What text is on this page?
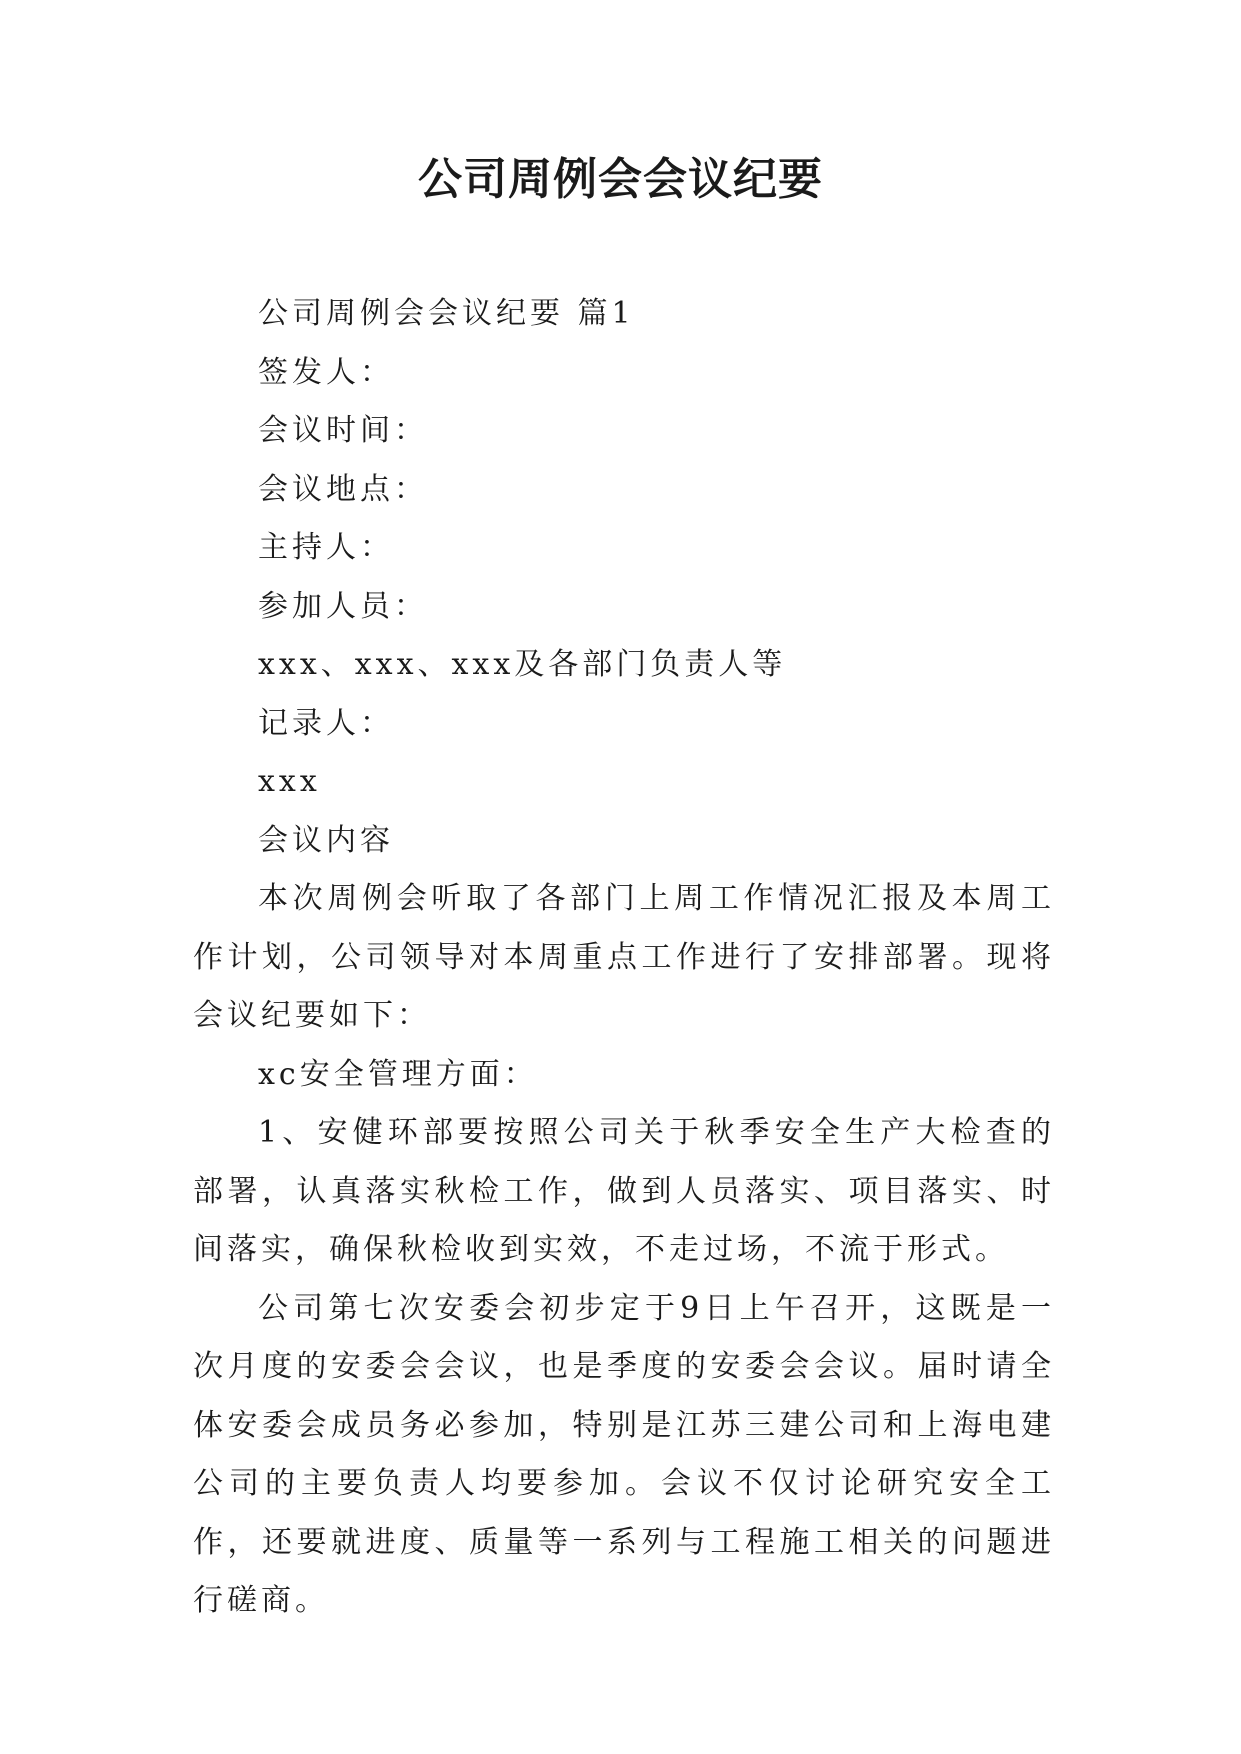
公司周例会会议纪要

公司周例会会议纪要 篇1

签发人：

会议时间：

会议地点：

主持人：

参加人员：

xxx、xxx、xxx及各部门负责人等

记录人：

xxx

会议内容

本次周例会听取了各部门上周工作情况汇报及本周工作计划，公司领导对本周重点工作进行了安排部署。现将会议纪要如下：

xc安全管理方面：

1、安健环部要按照公司关于秋季安全生产大检查的部署，认真落实秋检工作，做到人员落实、项目落实、时间落实，确保秋检收到实效，不走过场，不流于形式。

公司第七次安委会初步定于9日上午召开，这既是一次月度的安委会会议，也是季度的安委会会议。届时请全体安委会成员务必参加，特别是江苏三建公司和上海电建公司的主要负责人均要参加。会议不仅讨论研究安全工作，还要就进度、质量等一系列与工程施工相关的问题进行磋商。
